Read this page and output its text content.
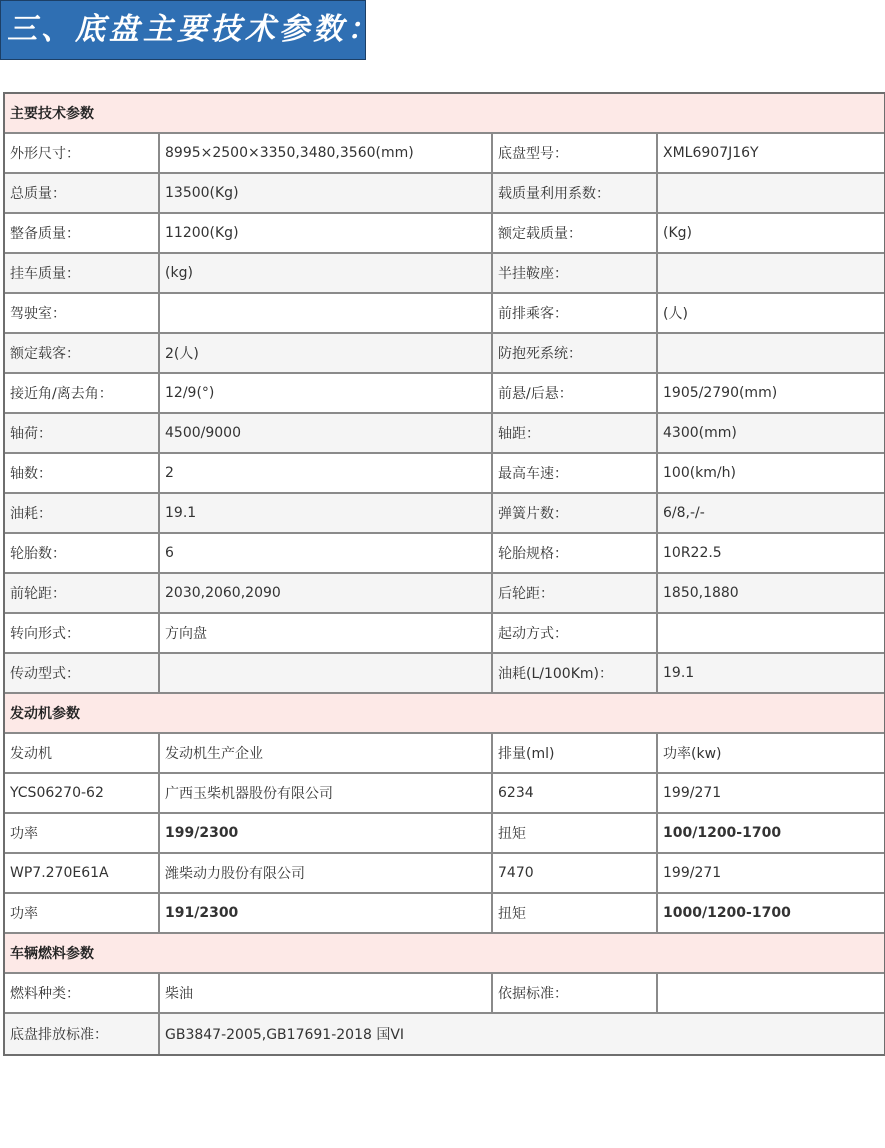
三、底盘主要技术参数：
主要技术参数			
外形尺寸：	8995×2500×3350,3480,3560(mm)	底盘型号：	XML6907J16Y
总质量：	13500(Kg)	载质量利用系数：	
整备质量：	11200(Kg)	额定载质量：	(Kg)
挂车质量：	(kg)	半挂鞍座：	
驾驶室：		前排乘客：	(人)
额定载客：	2(人)	防抱死系统：	
接近角/离去角：	12/9(°)	前悬/后悬：	1905/2790(mm)
轴荷：	4500/9000	轴距：	4300(mm)
轴数：	2	最高车速：	100(km/h)
油耗：	19.1	弹簧片数：	6/8,-/-
轮胎数：	6	轮胎规格：	10R22.5
前轮距：	2030,2060,2090	后轮距：	1850,1880
转向形式：	方向盘	起动方式：	
传动型式：		油耗(L/100Km)：	19.1
发动机参数			
发动机	发动机生产企业	排量(ml)	功率(kw)
YCS06270-62	广西玉柴机器股份有限公司	6234	199/271
功率	199/2300	扭矩	100/1200-1700
WP7.270E61A	潍柴动力股份有限公司	7470	199/271
功率	191/2300	扭矩	1000/1200-1700
车辆燃料参数			
燃料种类：	柴油	依据标准：	
底盘排放标准：	GB3847-2005,GB17691-2018 国VI		
